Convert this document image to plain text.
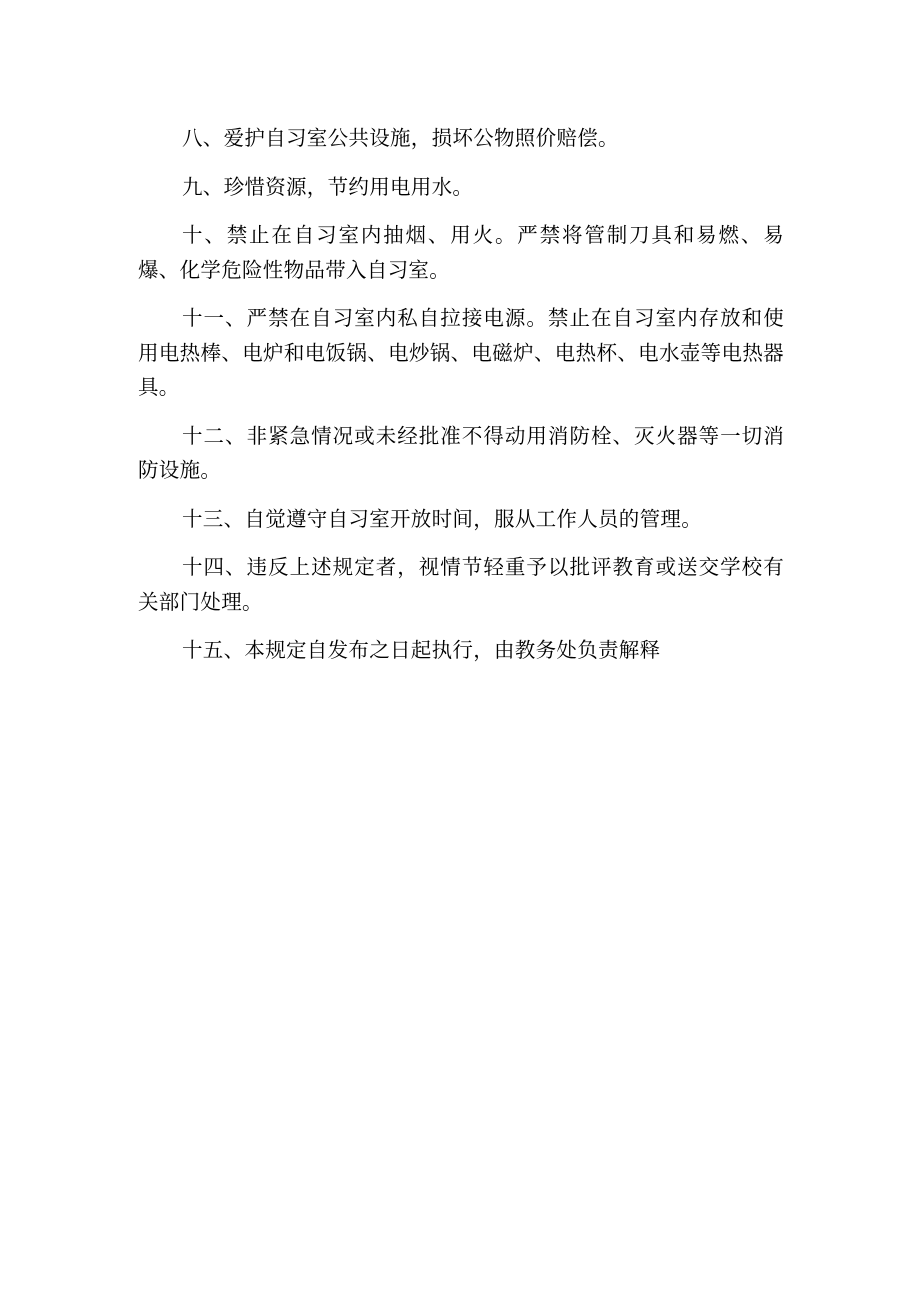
八、爱护自习室公共设施，损坏公物照价赔偿。

九、珍惜资源，节约用电用水。

十、禁止在自习室内抽烟、用火。严禁将管制刀具和易燃、易爆、化学危险性物品带入自习室。

十一、严禁在自习室内私自拉接电源。禁止在自习室内存放和使用电热棒、电炉和电饭锅、电炒锅、电磁炉、电热杯、电水壶等电热器具。

十二、非紧急情况或未经批准不得动用消防栓、灭火器等一切消防设施。

十三、自觉遵守自习室开放时间，服从工作人员的管理。

十四、违反上述规定者，视情节轻重予以批评教育或送交学校有关部门处理。

十五、本规定自发布之日起执行，由教务处负责解释
